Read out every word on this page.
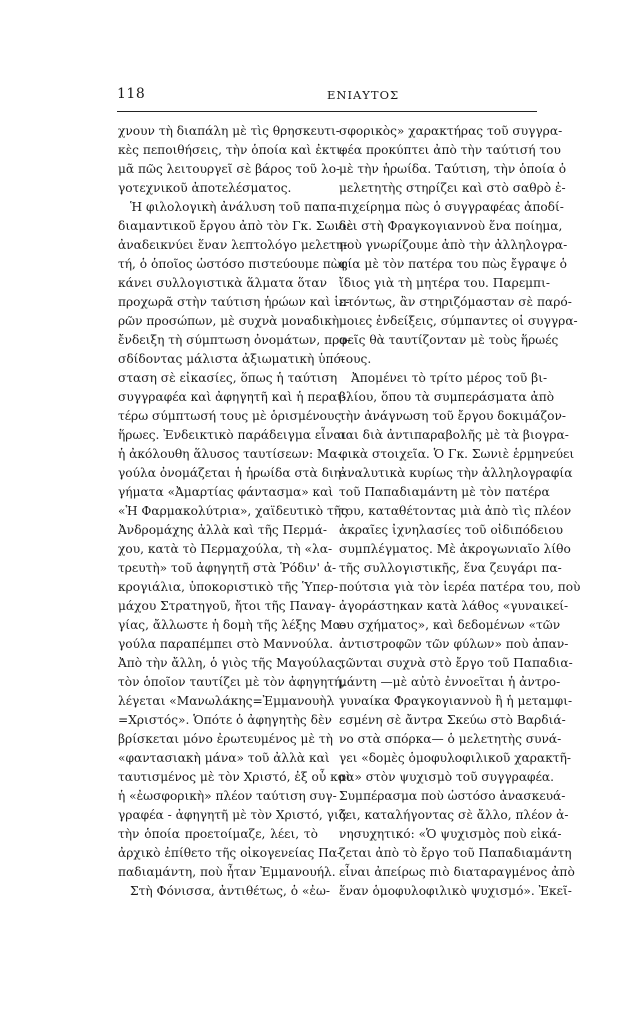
118	ΕΝΙΑΥΤΟΣ
χνουν τὴ διαπάλη μὲ τὶς θρησκευτι-
κὲς πεποιθήσεις, τὴν ὁποία καὶ ἐκτι-
μᾶ πῶς λειτουργεῖ σὲ βάρος τοῦ λο-
γοτεχνικοῦ ἀποτελέσματος.
Ἡ φιλολογικὴ ἀνάλυση τοῦ παπα-
διαμαντικοῦ ἔργου ἀπὸ τὸν Γκ. Σωνιὲ
ἀναδεικνύει ἕναν λεπτολόγο μελετη-
τή, ὁ ὁποῖος ὡστόσο πιστεύουμε πὼς
κάνει συλλογιστικὰ ἅλματα ὅταν
προχωρᾶ στὴν ταύτιση ἡρώων καὶ ἱε-
ρῶν προσώπων, μὲ συχνὰ μοναδικὴ
ἔνδειξη τὴ σύμπτωση ὀνομάτων, προ-
σδίδοντας μάλιστα ἀξιωματικὴ ὑπό-
σταση σὲ εἰκασίες, ὅπως ἡ ταύτιση
συγγραφέα καὶ ἀφηγητῆ καὶ ἡ περαι-
τέρω σύμπτωσή τους μὲ ὁρισμένους
ἥρωες. Ἐνδεικτικὸ παράδειγμα εἶναι
ἡ ἀκόλουθη ἅλυσος ταυτίσεων: Μα-
γούλα ὀνομάζεται ἡ ἡρωίδα στὰ διη-
γήματα «Ἀμαρτίας φάντασμα» καὶ
«Ἡ Φαρμακολύτρια», χαϊδευτικὸ τῆς
Ἀνδρομάχης ἀλλὰ καὶ τῆς Περμά-
χου, κατὰ τὸ Περμαχούλα, τὴ «λα-
τρευτὴ» τοῦ ἀφηγητῆ στὰ Ῥόδιν' ἀ-
κρογιάλια, ὑποκοριστικὸ τῆς Ὑπερ-
μάχου Στρατηγοῦ, ἤτοι τῆς Παναγ-
γίας, ἄλλωστε ἡ δομὴ τῆς λέξης Μα-
γούλα παραπέμπει στὸ Μαννούλα.
Ἀπὸ τὴν ἄλλη, ὁ γιὸς τῆς Μαγούλας,
τὸν ὁποῖον ταυτίζει μὲ τὸν ἀφηγητή,
λέγεται «Μανωλάκης=Ἐμμανουὴλ
=Χριστός». Ὁπότε ὁ ἀφηγητὴς δὲν
βρίσκεται μόνο ἐρωτευμένος μὲ τὴ
«φαντασιακὴ μάνα» τοῦ ἀλλὰ καὶ
ταυτισμένος μὲ τὸν Χριστό, ἐξ οὗ καὶ
ἡ «ἐωσφορικὴ» πλέον ταύτιση συγ-
γραφέα - ἀφηγητῆ μὲ τὸν Χριστό, γιὰ
τὴν ὁποία προετοίμαζε, λέει, τὸ
ἀρχικὸ ἐπίθετο τῆς οἰκογενείας Πα-
παδιαμάντη, ποὺ ἦταν Ἐμμανουήλ.
Στὴ Φόνισσα, ἀντιθέτως, ὁ «ἐω-
σφορικὸς» χαρακτήρας τοῦ συγγρα-
φέα προκύπτει ἀπὸ τὴν ταύτισή του
μὲ τὴν ἡρωίδα. Ταύτιση, τὴν ὁποία ὁ
μελετητὴς στηρίζει καὶ στὸ σαθρὸ ἐ-
πιχείρημα πὼς ὁ συγγραφέας ἀποδί-
δει στὴ Φραγκογιαννοὺ ἕνα ποίημα,
ποὺ γνωρίζουμε ἀπὸ τὴν ἀλληλογρα-
φία μὲ τὸν πατέρα του πὼς ἔγραψε ὁ
ἴδιος γιὰ τὴ μητέρα του. Παρεμπι-
πτόντως, ἂν στηριζόμασταν σὲ παρό-
μοιες ἐνδείξεις, σύμπαντες οἱ συγγρα-
φεῖς θὰ ταυτίζονταν μὲ τοὺς ἥρωές
τους.
Ἀπομένει τὸ τρίτο μέρος τοῦ βι-
βλίου, ὅπου τὰ συμπεράσματα ἀπὸ
τὴν ἀνάγνωση τοῦ ἔργου δοκιμάζον-
ται διὰ ἀντιπαραβολῆς μὲ τὰ βιογρα-
φικὰ στοιχεῖα. Ὁ Γκ. Σωνιὲ ἑρμηνεύει
ἀναλυτικὰ κυρίως τὴν ἀλληλογραφία
τοῦ Παπαδιαμάντη μὲ τὸν πατέρα
του, καταθέτοντας μιὰ ἀπὸ τὶς πλέον
ἀκραῖες ἰχνηλασίες τοῦ οἰδιπόδειου
συμπλέγματος. Μὲ ἀκρογωνιαῖο λίθο
τῆς συλλογιστικῆς, ἕνα ζευγάρι πα-
πούτσια γιὰ τὸν ἱερέα πατέρα του, ποὺ
ἀγοράστηκαν κατὰ λάθος «γυναικεί-
ου σχήματος», καὶ δεδομένων «τῶν
ἀντιστροφῶν τῶν φύλων» ποὺ ἀπαν-
τῶνται συχνὰ στὸ ἔργο τοῦ Παπαδια-
μάντη —μὲ αὐτὸ ἐννοεῖται ἡ ἀντρο-
γυναίκα Φραγκογιαννοὺ ἢ ἡ μεταμφι-
εσμένη σὲ ἄντρα Σκεύω στὸ Βαρδιά-
νο στὰ σπόρκα— ὁ μελετητὴς συνά-
γει «δομὲς ὁμοφυλοφιλικοῦ χαρακτῆ-
ρα» στὸν ψυχισμὸ τοῦ συγγραφέα.
Συμπέρασμα ποὺ ὡστόσο ἀνασκευά-
ζει, καταλήγοντας σὲ ἄλλο, πλέον ἀ-
νησυχητικό: «Ὁ ψυχισμὸς ποὺ εἰκά-
ζεται ἀπὸ τὸ ἔργο τοῦ Παπαδιαμάντη
εἶναι ἀπείρως πιὸ διαταραγμένος ἀπὸ
ἕναν ὁμοφυλοφιλικὸ ψυχισμό». Ἐκεῖ-
